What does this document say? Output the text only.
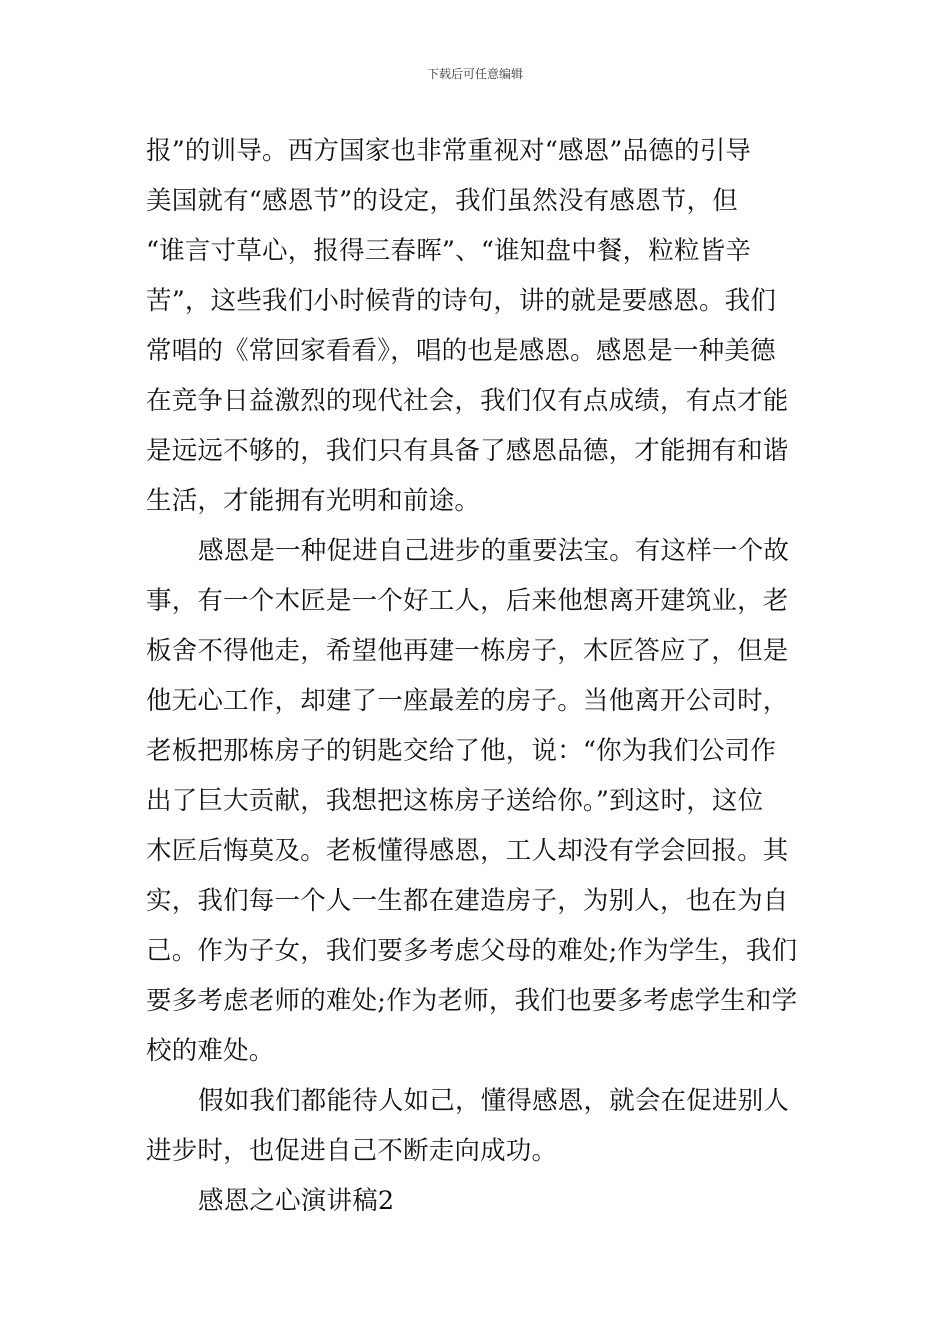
下载后可任意编辑
报”的训导。西方国家也非常重视对“感恩”品德的引导
美国就有“感恩节”的设定，我们虽然没有感恩节，但
“谁言寸草心，报得三春晖”、“谁知盘中餐，粒粒皆辛
苦”，这些我们小时候背的诗句，讲的就是要感恩。我们
常唱的《常回家看看》，唱的也是感恩。感恩是一种美德
在竞争日益激烈的现代社会，我们仅有点成绩，有点才能
是远远不够的，我们只有具备了感恩品德，才能拥有和谐
生活，才能拥有光明和前途。
感恩是一种促进自己进步的重要法宝。有这样一个故
事，有一个木匠是一个好工人，后来他想离开建筑业，老
板舍不得他走，希望他再建一栋房子，木匠答应了，但是
他无心工作，却建了一座最差的房子。当他离开公司时，
老板把那栋房子的钥匙交给了他，说：“你为我们公司作
出了巨大贡献，我想把这栋房子送给你。”到这时，这位
木匠后悔莫及。老板懂得感恩，工人却没有学会回报。其
实，我们每一个人一生都在建造房子，为别人，也在为自
己。作为子女，我们要多考虑父母的难处;作为学生，我们
要多考虑老师的难处;作为老师，我们也要多考虑学生和学
校的难处。
假如我们都能待人如己，懂得感恩，就会在促进别人
进步时，也促进自己不断走向成功。
感恩之心演讲稿2
